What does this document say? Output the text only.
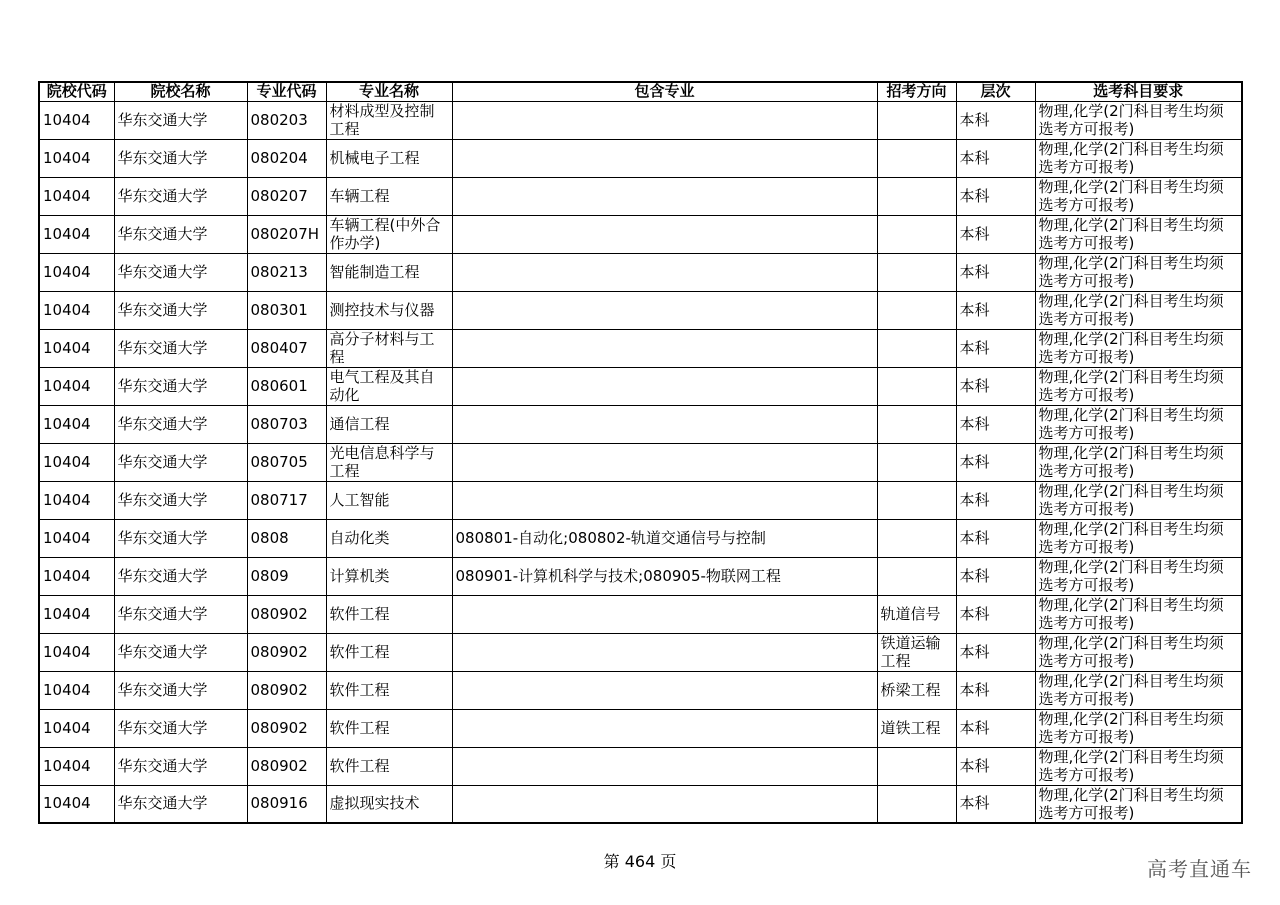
院校代码	院校名称	专业代码	专业名称	包含专业	招考方向	层次	选考科目要求
10404	华东交通大学	080203	材料成型及控制工程			本科	物理,化学(2门科目考生均须选考方可报考)
10404	华东交通大学	080204	机械电子工程			本科	物理,化学(2门科目考生均须选考方可报考)
10404	华东交通大学	080207	车辆工程			本科	物理,化学(2门科目考生均须选考方可报考)
10404	华东交通大学	080207H	车辆工程(中外合作办学)			本科	物理,化学(2门科目考生均须选考方可报考)
10404	华东交通大学	080213	智能制造工程			本科	物理,化学(2门科目考生均须选考方可报考)
10404	华东交通大学	080301	测控技术与仪器			本科	物理,化学(2门科目考生均须选考方可报考)
10404	华东交通大学	080407	高分子材料与工程			本科	物理,化学(2门科目考生均须选考方可报考)
10404	华东交通大学	080601	电气工程及其自动化			本科	物理,化学(2门科目考生均须选考方可报考)
10404	华东交通大学	080703	通信工程			本科	物理,化学(2门科目考生均须选考方可报考)
10404	华东交通大学	080705	光电信息科学与工程			本科	物理,化学(2门科目考生均须选考方可报考)
10404	华东交通大学	080717	人工智能			本科	物理,化学(2门科目考生均须选考方可报考)
10404	华东交通大学	0808	自动化类	080801-自动化;080802-轨道交通信号与控制		本科	物理,化学(2门科目考生均须选考方可报考)
10404	华东交通大学	0809	计算机类	080901-计算机科学与技术;080905-物联网工程		本科	物理,化学(2门科目考生均须选考方可报考)
10404	华东交通大学	080902	软件工程		轨道信号	本科	物理,化学(2门科目考生均须选考方可报考)
10404	华东交通大学	080902	软件工程		铁道运输工程	本科	物理,化学(2门科目考生均须选考方可报考)
10404	华东交通大学	080902	软件工程		桥梁工程	本科	物理,化学(2门科目考生均须选考方可报考)
10404	华东交通大学	080902	软件工程		道铁工程	本科	物理,化学(2门科目考生均须选考方可报考)
10404	华东交通大学	080902	软件工程			本科	物理,化学(2门科目考生均须选考方可报考)
10404	华东交通大学	080916	虚拟现实技术			本科	物理,化学(2门科目考生均须选考方可报考)
第 464 页	高考直通车
